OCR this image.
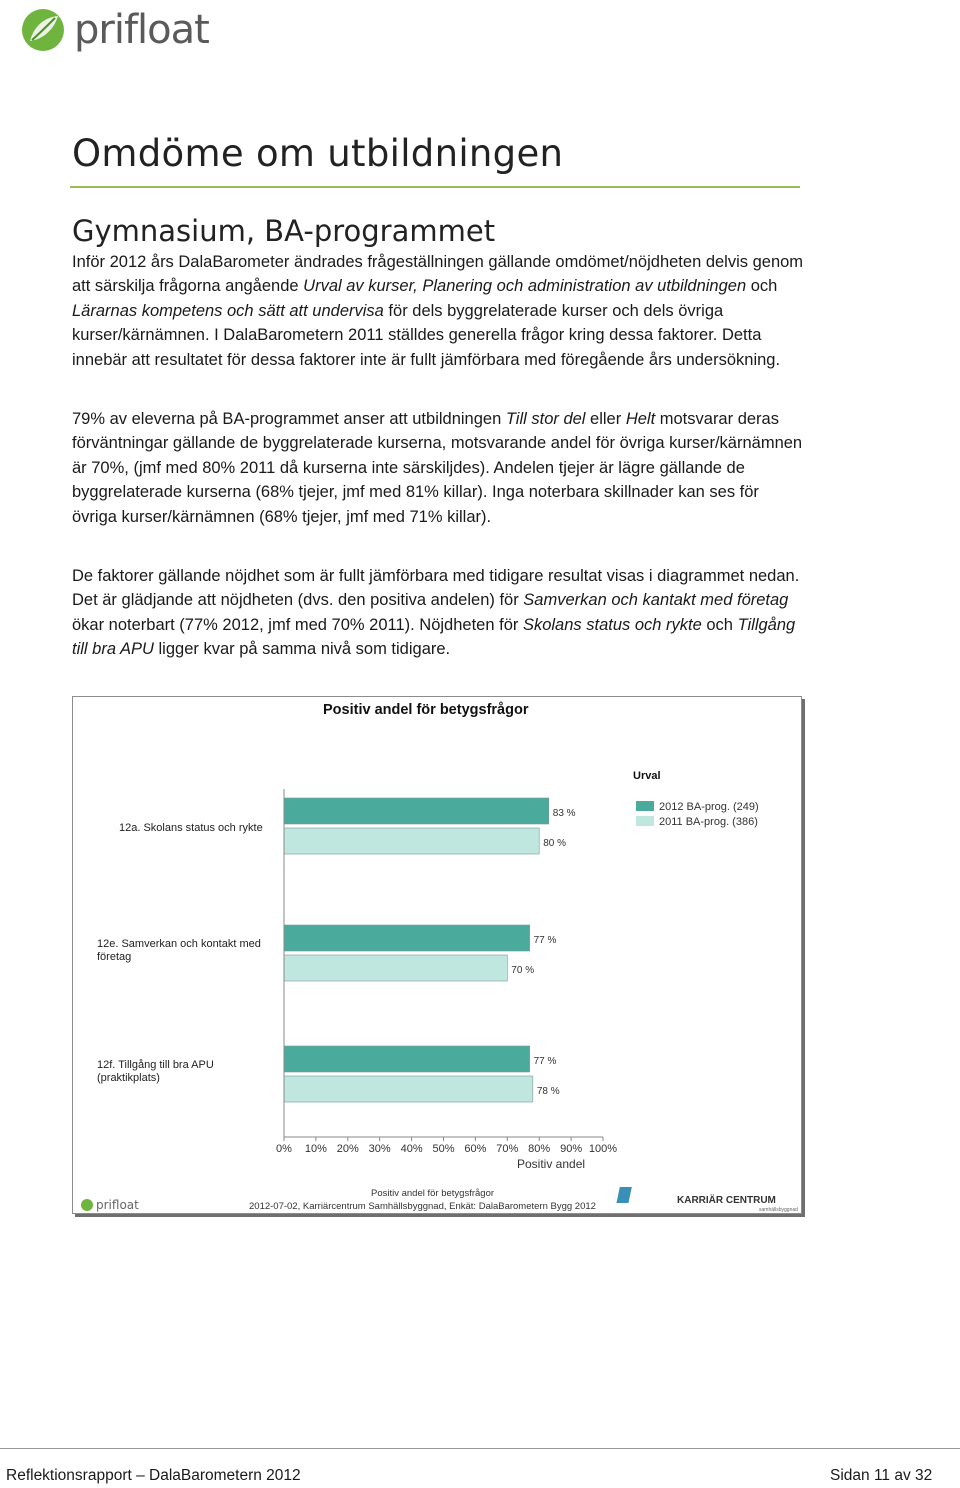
prifloat
Omdöme om utbildningen
Gymnasium, BA-programmet

Inför 2012 års DalaBarometer ändrades frågeställningen gällande omdömet/nöjdheten delvis genom att särskilja frågorna angående Urval av kurser, Planering och administration av utbildningen och Lärarnas kompetens och sätt att undervisa för dels byggrelaterade kurser och dels övriga kurser/kärnämnen. I DalaBarometern 2011 ställdes generella frågor kring dessa faktorer. Detta innebär att resultatet för dessa faktorer inte är fullt jämförbara med föregående års undersökning.

79% av eleverna på BA-programmet anser att utbildningen Till stor del eller Helt motsvarar deras förväntningar gällande de byggrelaterade kurserna, motsvarande andel för övriga kurser/kärnämnen är 70%, (jmf med 80% 2011 då kurserna inte särskiljdes). Andelen tjejer är lägre gällande de byggrelaterade kurserna (68% tjejer, jmf med 81% killar). Inga noterbara skillnader kan ses för övriga kurser/kärnämnen (68% tjejer, jmf med 71% killar).

De faktorer gällande nöjdhet som är fullt jämförbara med tidigare resultat visas i diagrammet nedan. Det är glädjande att nöjdheten (dvs. den positiva andelen) för Samverkan och kantakt med företag ökar noterbart (77% 2012, jmf med 70% 2011). Nöjdheten för Skolans status och rykte och Tillgång till bra APU ligger kvar på samma nivå som tidigare.

Positiv andel för betygsfrågor
Urval
2012 BA-prog. (249)
2011 BA-prog. (386)
12a. Skolans status och rykte
12e. Samverkan och kontakt med
företag
12f. Tillgång till bra APU
(praktikplats)
83 %
80 %
77 %
70 %
77 %
78 %
0% 10% 20% 30% 40% 50% 60% 70% 80% 90% 100%
Positiv andel
prifloat
Positiv andel för betygsfrågor
2012-07-02, Karriärcentrum Samhällsbyggnad, Enkät: DalaBarometern Bygg 2012
KARRIÄR CENTRUM
samhällsbyggnad
Reflektionsrapport – DalaBarometern 2012	Sidan 11 av 32
